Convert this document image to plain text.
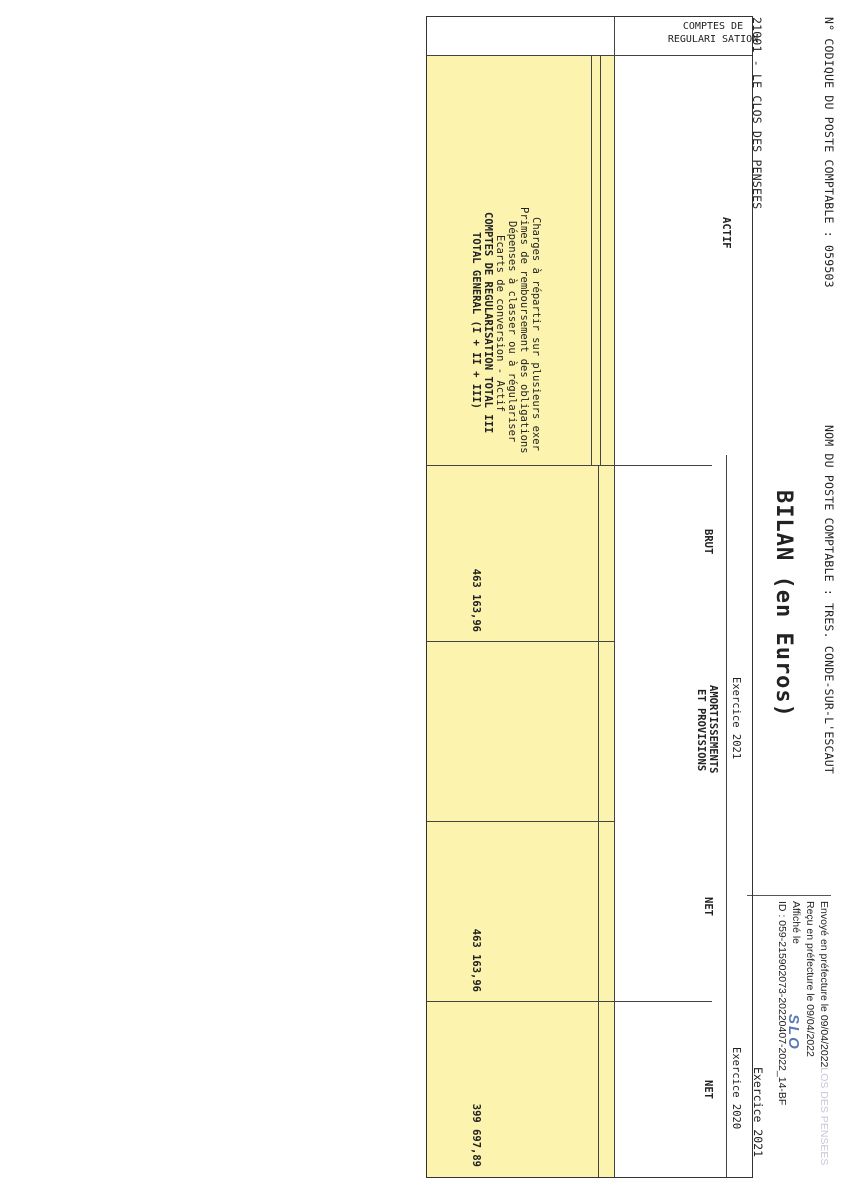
N° CODIQUE DU POSTE COMPTABLE : 059503
NOM DU POSTE COMPTABLE : TRES. CONDE-SUR-L'ESCAUT
21001 - LE CLOS DES PENSEES
BILAN (en Euros)
Envoyé en préfecture le 09/04/2022LOS DES PENSEES
Reçu en préfecture le 09/04/2022
Affiché le
ID : 059-215902073-20220407-2022_14-BF
SLO
Exercice 2021
ACTIF
Exercice 2021
Exercice 2020
BRUT
AMORTISSEMENTS
ET PROVISIONS
NET
NET
Charges à répartir sur plusieurs exer
Primes de remboursement des obligations
Dépenses à classer ou à régulariser
Ecarts de conversion - Actif
COMPTES DE REGULARISATION TOTAL III
TOTAL GENERAL (I + II + III)
463 163,96
463 163,96
399 697,89
COMPTES DE
REGULARI SATION
